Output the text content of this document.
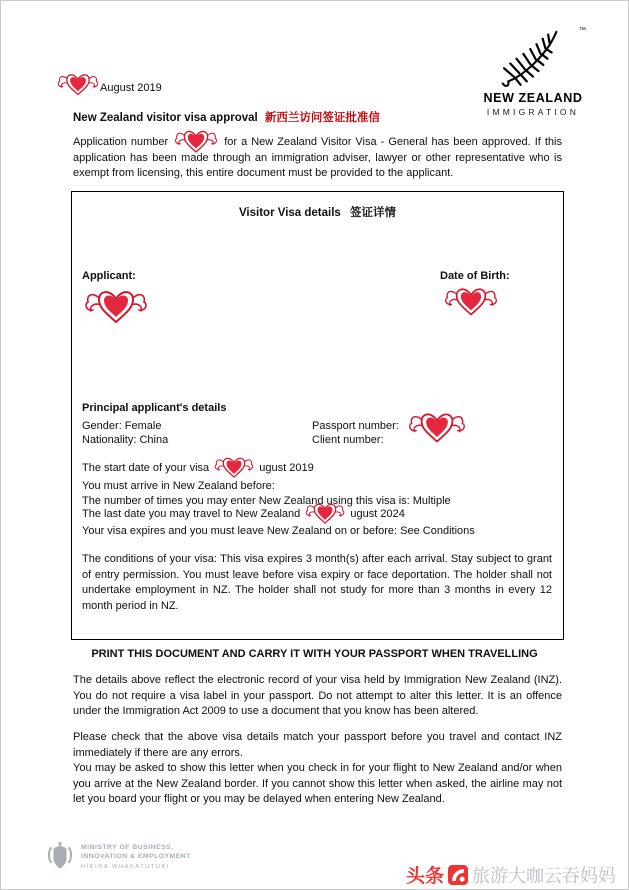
August 2019
™
NEW ZEALAND
IMMIGRATION
New Zealand visitor visa approval 新西兰访问签证批准信
Application number	for a New Zealand Visitor Visa - General has been approved. If this application has been made through an immigration adviser, lawyer or other representative who is exempt from licensing, this entire document must be provided to the applicant.
Visitor Visa details 签证详情
Applicant:	Date of Birth:
Principal applicant's details
Gender: Female	Passport number:
Nationality: China	Client number:
The start date of your visa	ugust 2019
You must arrive in New Zealand before:
The number of times you may enter New Zealand using this visa is: Multiple
The last date you may travel to New Zealand	ugust 2024
Your visa expires and you must leave New Zealand on or before: See Conditions
The conditions of your visa: This visa expires 3 month(s) after each arrival. Stay subject to grant of entry permission. You must leave before visa expiry or face deportation. The holder shall not undertake employment in NZ. The holder shall not study for more than 3 months in every 12 month period in NZ.
PRINT THIS DOCUMENT AND CARRY IT WITH YOUR PASSPORT WHEN TRAVELLING
The details above reflect the electronic record of your visa held by Immigration New Zealand (INZ). You do not require a visa label in your passport. Do not attempt to alter this letter. It is an offence under the Immigration Act 2009 to use a document that you know has been altered.
Please check that the above visa details match your passport before you travel and contact INZ immediately if there are any errors.
You may be asked to show this letter when you check in for your flight to New Zealand and/or when you arrive at the New Zealand border. If you cannot show this letter when asked, the airline may not let you board your flight or you may be delayed when entering New Zealand.
MINISTRY OF BUSINESS,
INNOVATION & EMPLOYMENT
HĪKINA WHAKATUTUKI	头条 旅游大咖云吞妈妈
